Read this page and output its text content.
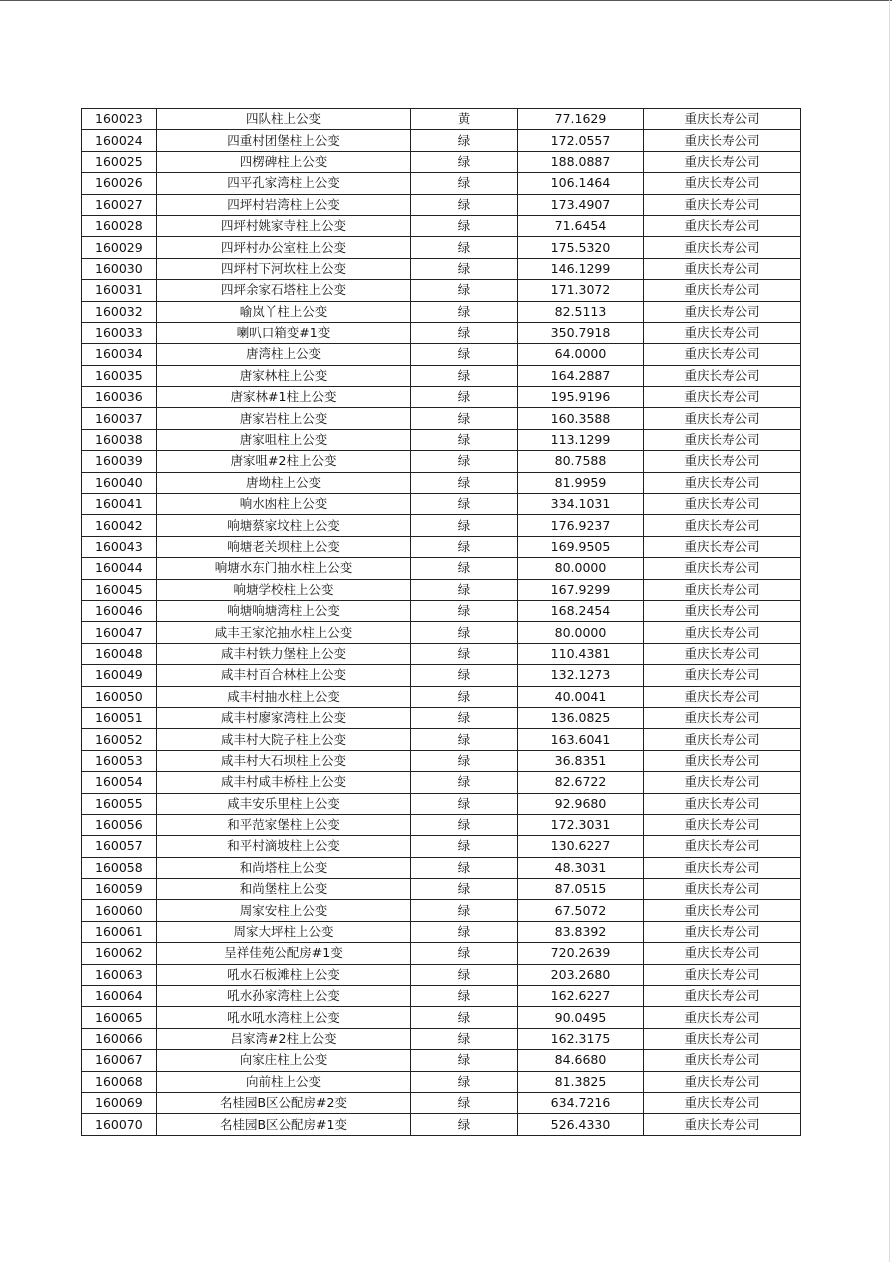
160023	四队柱上公变	黄	77.1629	重庆长寿公司
160024	四重村团堡柱上公变	绿	172.0557	重庆长寿公司
160025	四楞碑柱上公变	绿	188.0887	重庆长寿公司
160026	四平孔家湾柱上公变	绿	106.1464	重庆长寿公司
160027	四坪村岩湾柱上公变	绿	173.4907	重庆长寿公司
160028	四坪村姚家寺柱上公变	绿	71.6454	重庆长寿公司
160029	四坪村办公室柱上公变	绿	175.5320	重庆长寿公司
160030	四坪村下河坎柱上公变	绿	146.1299	重庆长寿公司
160031	四坪余家石塔柱上公变	绿	171.3072	重庆长寿公司
160032	喻岚丫柱上公变	绿	82.5113	重庆长寿公司
160033	喇叭口箱变#1变	绿	350.7918	重庆长寿公司
160034	唐湾柱上公变	绿	64.0000	重庆长寿公司
160035	唐家林柱上公变	绿	164.2887	重庆长寿公司
160036	唐家林#1柱上公变	绿	195.9196	重庆长寿公司
160037	唐家岩柱上公变	绿	160.3588	重庆长寿公司
160038	唐家咀柱上公变	绿	113.1299	重庆长寿公司
160039	唐家咀#2柱上公变	绿	80.7588	重庆长寿公司
160040	唐坳柱上公变	绿	81.9959	重庆长寿公司
160041	响水凼柱上公变	绿	334.1031	重庆长寿公司
160042	响塘蔡家坟柱上公变	绿	176.9237	重庆长寿公司
160043	响塘老关坝柱上公变	绿	169.9505	重庆长寿公司
160044	响塘水东门抽水柱上公变	绿	80.0000	重庆长寿公司
160045	响塘学校柱上公变	绿	167.9299	重庆长寿公司
160046	响塘响塘湾柱上公变	绿	168.2454	重庆长寿公司
160047	咸丰王家沱抽水柱上公变	绿	80.0000	重庆长寿公司
160048	咸丰村铁力堡柱上公变	绿	110.4381	重庆长寿公司
160049	咸丰村百合林柱上公变	绿	132.1273	重庆长寿公司
160050	咸丰村抽水柱上公变	绿	40.0041	重庆长寿公司
160051	咸丰村廖家湾柱上公变	绿	136.0825	重庆长寿公司
160052	咸丰村大院子柱上公变	绿	163.6041	重庆长寿公司
160053	咸丰村大石坝柱上公变	绿	36.8351	重庆长寿公司
160054	咸丰村咸丰桥柱上公变	绿	82.6722	重庆长寿公司
160055	咸丰安乐里柱上公变	绿	92.9680	重庆长寿公司
160056	和平范家堡柱上公变	绿	172.3031	重庆长寿公司
160057	和平村滴坡柱上公变	绿	130.6227	重庆长寿公司
160058	和尚塔柱上公变	绿	48.3031	重庆长寿公司
160059	和尚堡柱上公变	绿	87.0515	重庆长寿公司
160060	周家安柱上公变	绿	67.5072	重庆长寿公司
160061	周家大坪柱上公变	绿	83.8392	重庆长寿公司
160062	呈祥佳苑公配房#1变	绿	720.2639	重庆长寿公司
160063	吼水石板滩柱上公变	绿	203.2680	重庆长寿公司
160064	吼水孙家湾柱上公变	绿	162.6227	重庆长寿公司
160065	吼水吼水湾柱上公变	绿	90.0495	重庆长寿公司
160066	吕家湾#2柱上公变	绿	162.3175	重庆长寿公司
160067	向家庄柱上公变	绿	84.6680	重庆长寿公司
160068	向前柱上公变	绿	81.3825	重庆长寿公司
160069	名桂园B区公配房#2变	绿	634.7216	重庆长寿公司
160070	名桂园B区公配房#1变	绿	526.4330	重庆长寿公司
